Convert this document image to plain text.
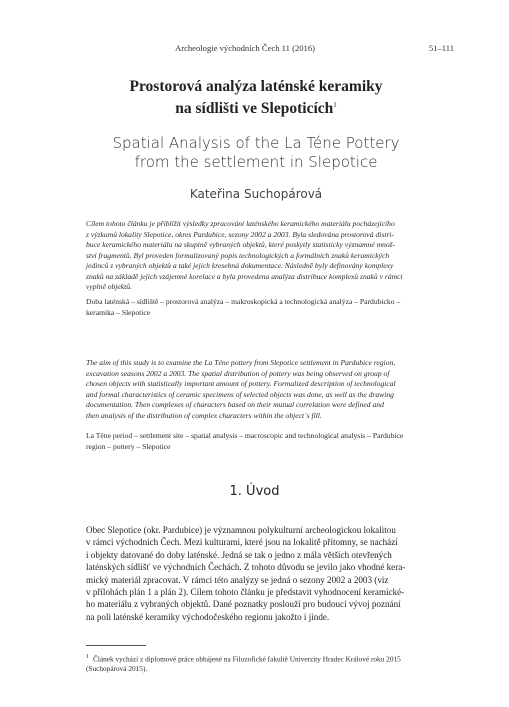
Archeologie východních Čech 11 (2016)	51–111
Prostorová analýza laténské keramiky
na sídlišti ve Slepoticích$^1$
Spatial Analysis of the La Téne Pottery
from the settlement in Slepotice
Kateřina Suchopárová
Cílem tohoto článku je přiblížit výsledky zpracování laténského keramického materiálu pocházejícího
z výzkumů lokality Slepotice, okres Pardubice, sezony 2002 a 2003. Byla sledována prostorová distri-
buce keramického materiálu na skupině vybraných objektů, které poskytly statisticky významné množ-
ství fragmentů. Byl proveden formalizovaný popis technologických a formálních znaků keramických
jedinců z vybraných objektů a také jejich kresebná dokumentace. Následně byly definovány komplexy
znaků na základě jejich vzájemné korelace a byla provedena analýza distribuce komplexů znaků v rámci
vyplně objektů.
Doba laténská – sídliště – prostorová analýza – makroskopická a technologická analýza – Pardubicko –
keramika – Slepotice
The aim of this study is to examine the La Téne pottery from Slepotice settlement in Pardubice region,
excavation seasons 2002 a 2003. The spatial distribution of pottery was being observed on group of
chosen objects with statistically important amount of pottery. Formalized description of technological
and formal characteristics of ceramic specimens of selected objects was done, as well as the drawing
documentation. Then complexes of characters based on their mutual correlation were defined and
then analysis of the distribution of complex characters within the object´s fill.
La Téne period – settlement site – spatial analysis – macroscopic and technological analysis – Pardubice
region – pottery – Slepotice
1. Úvod
Obec Slepotice (okr. Pardubice) je významnou polykulturní archeologickou lokalitou
v rámci východních Čech. Mezi kulturami, které jsou na lokalitě přítomny, se nachází
i objekty datované do doby laténské. Jedná se tak o jedno z mála větších otevřených
laténských sídlišť ve východních Čechách. Z tohoto důvodu se jevilo jako vhodné kera-
mický materiál zpracovat. V rámci této analýzy se jedná o sezony 2002 a 2003 (viz
v přílohách plán 1 a plán 2). Cílem tohoto článku je představit vyhodnocení keramické-
ho materiálu z vybraných objektů. Dané poznatky poslouží pro budoucí vývoj poznání
na poli laténské keramiky východočeského regionu jakožto i jinde.
$^1$ Článek vychází z diplomové práce obhájené na Filozofické fakultě Univerzity Hradec Králové roku 2015
(Suchopárová 2015).
